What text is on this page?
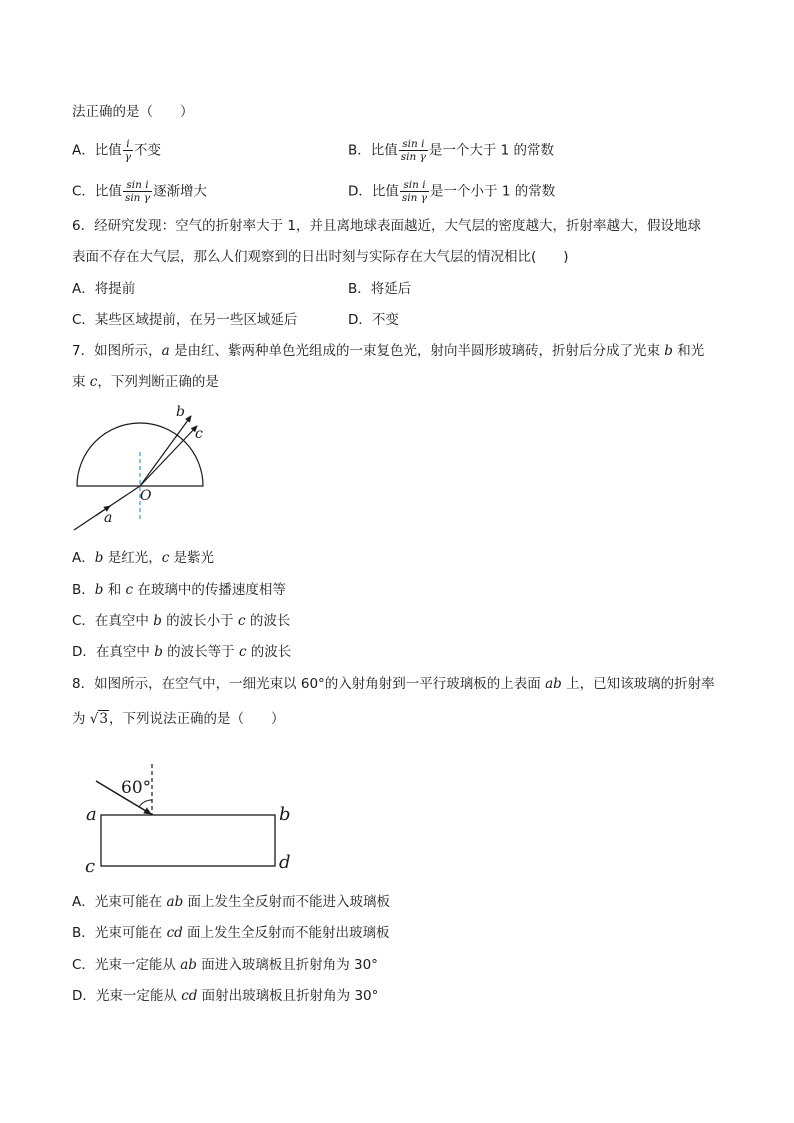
法正确的是（　　）
A．比值 $\frac{i}{\gamma}$ 不变	B．比值 $\frac{\text{sin i}}{\text{sin γ}}$ 是一个大于 1 的常数
C．比值 $\frac{\text{sin i}}{\text{sin γ}}$ 逐渐增大	D．比值 $\frac{\text{sin i}}{\text{sin γ}}$ 是一个小于 1 的常数
6．经研究发现：空气的折射率大于 1，并且离地球表面越近，大气层的密度越大，折射率越大，假设地球
表面不存在大气层，那么人们观察到的日出时刻与实际存在大气层的情况相比(　　)
A．将提前	B．将延后
C．某些区域提前，在另一些区域延后	D．不变
7．如图所示，a 是由红、紫两种单色光组成的一束复色光，射向半圆形玻璃砖，折射后分成了光束 b 和光
束 c，下列判断正确的是
a
O
b
c
A．b 是红光，c 是紫光
B．b 和 c 在玻璃中的传播速度相等
C．在真空中 b 的波长小于 c 的波长
D．在真空中 b 的波长等于 c 的波长
8．如图所示，在空气中，一细光束以 60°的入射角射到一平行玻璃板的上表面 ab 上，已知该玻璃的折射率
为 √3，下列说法正确的是（　　）
60°
a	b
c	d
A．光束可能在 ab 面上发生全反射而不能进入玻璃板
B．光束可能在 cd 面上发生全反射而不能射出玻璃板
C．光束一定能从 ab 面进入玻璃板且折射角为 30°
D．光束一定能从 cd 面射出玻璃板且折射角为 30°
